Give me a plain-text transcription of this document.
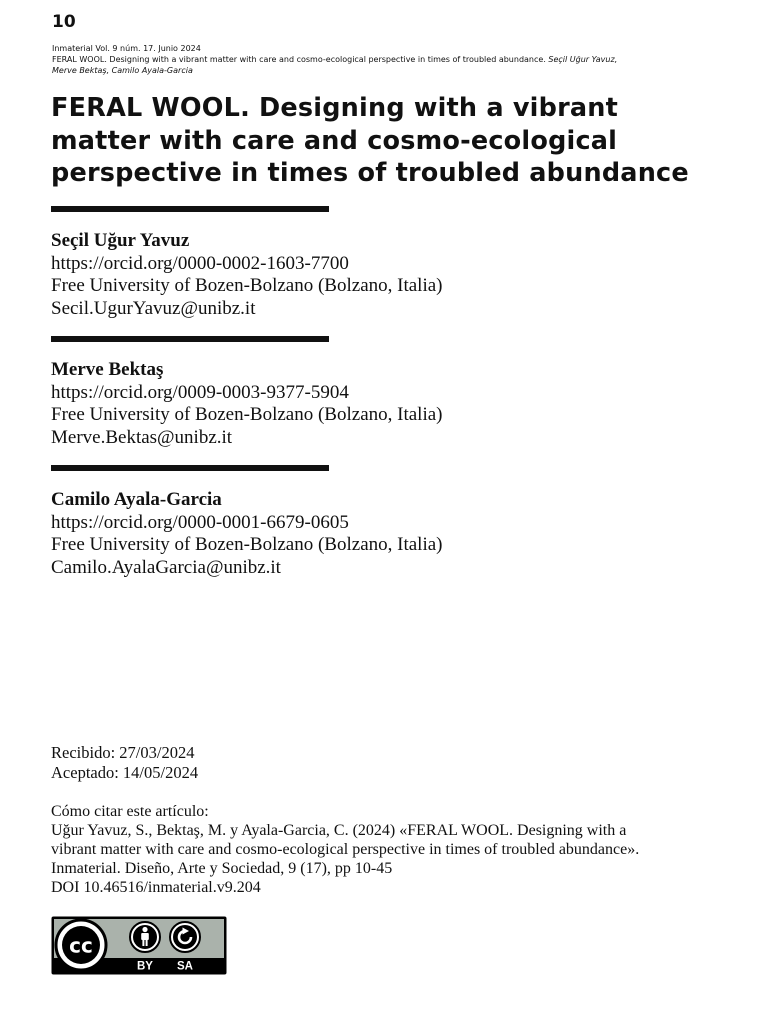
10
Inmaterial Vol. 9 núm. 17. Junio 2024
FERAL WOOL. Designing with a vibrant matter with care and cosmo-ecological perspective in times of troubled abundance. Seçil Uğur Yavuz,
Merve Bektaş, Camilo Ayala-Garcia
FERAL WOOL. Designing with a vibrant matter with care and cosmo-ecological perspective in times of troubled abundance
Seçil Uğur Yavuz
https://orcid.org/0000-0002-1603-7700
Free University of Bozen-Bolzano (Bolzano, Italia)
Secil.UgurYavuz@unibz.it
Merve Bektaş
https://orcid.org/0009-0003-9377-5904
Free University of Bozen-Bolzano (Bolzano, Italia)
Merve.Bektas@unibz.it
Camilo Ayala-Garcia
https://orcid.org/0000-0001-6679-0605
Free University of Bozen-Bolzano (Bolzano, Italia)
Camilo.AyalaGarcia@unibz.it
Recibido: 27/03/2024
Aceptado: 14/05/2024
Cómo citar este artículo:
Uğur Yavuz, S., Bektaş, M. y Ayala-Garcia, C. (2024) «FERAL WOOL. Designing with a
vibrant matter with care and cosmo-ecological perspective in times of troubled abundance».
Inmaterial. Diseño, Arte y Sociedad, 9 (17), pp 10-45
DOI 10.46516/inmaterial.v9.204
cc
BY SA
